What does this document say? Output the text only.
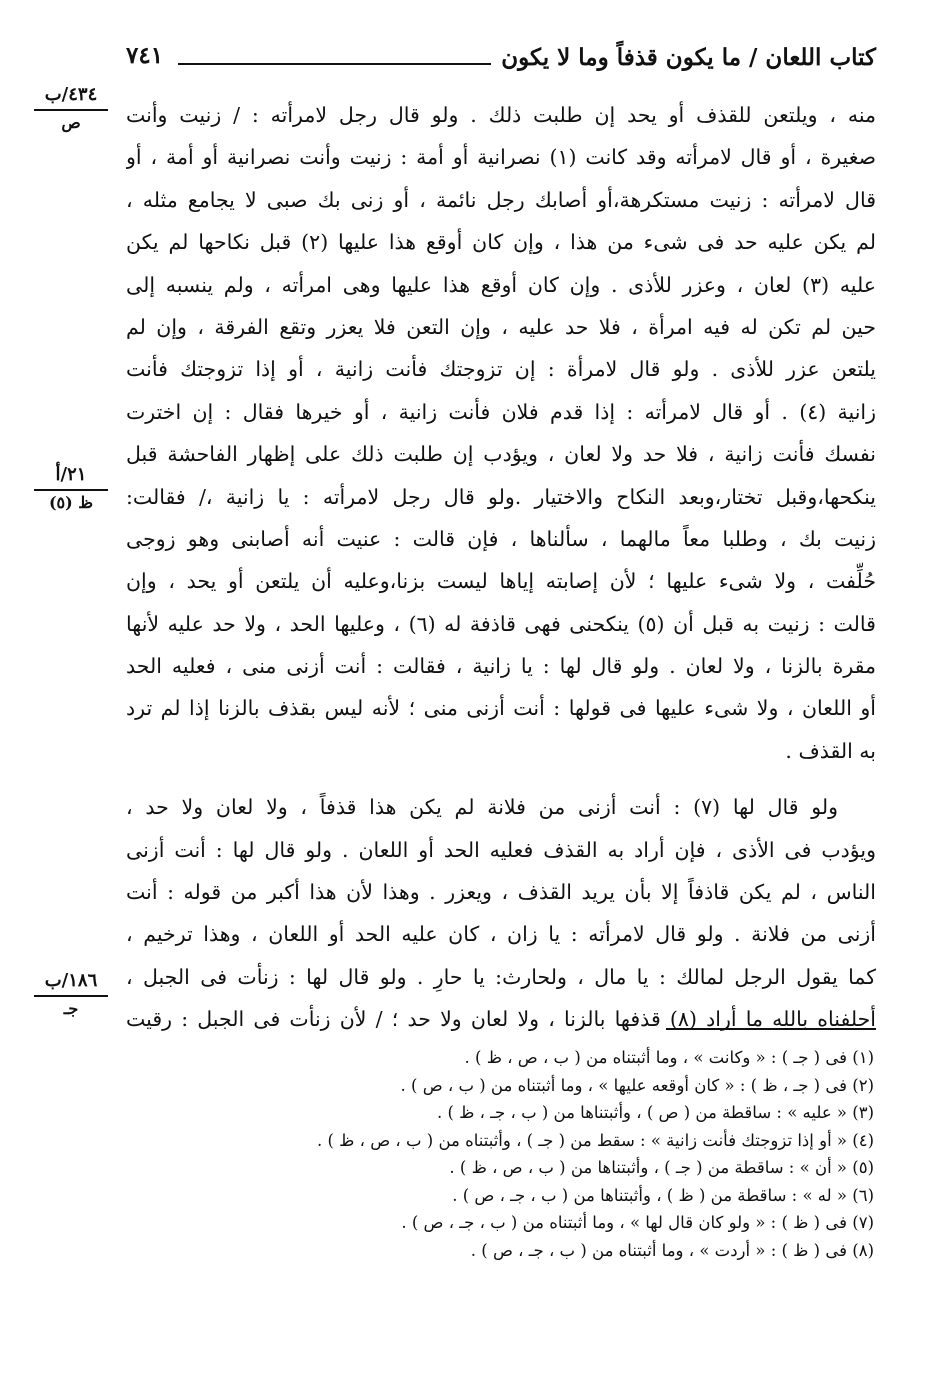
كتاب اللعان / ما يكون قذفاً وما لا يكون
٧٤١
٤٣٤/ب
ص
٢١/أ
ظ (٥)
١٨٦/ب
جـ
منه ، ويلتعن للقذف أو يحد إن طلبت ذلك . ولو قال رجل لامرأته : / زنيت وأنت
صغيرة ، أو قال لامرأته وقد كانت (١) نصرانية أو أمة : زنيت وأنت نصرانية أو أمة ، أو
قال لامرأته : زنيت مستكرهة،أو أصابك رجل نائمة ، أو زنى بك صبى لا يجامع مثله ،
لم يكن عليه حد فى شىء من هذا ، وإن كان أوقع هذا عليها (٢) قبل نكاحها لم يكن
عليه (٣) لعان ، وعزر للأذى . وإن كان أوقع هذا عليها وهى امرأته ، ولم ينسبه إلى
حين لم تكن له فيه امرأة ، فلا حد عليه ، وإن التعن فلا يعزر وتقع الفرقة ، وإن لم
يلتعن عزر للأذى . ولو قال لامرأة : إن تزوجتك فأنت زانية ، أو إذا تزوجتك فأنت
زانية (٤) . أو قال لامرأته : إذا قدم فلان فأنت زانية ، أو خيرها فقال : إن اخترت
نفسك فأنت زانية ، فلا حد ولا لعان ، ويؤدب إن طلبت ذلك على إظهار الفاحشة قبل
ينكحها،وقبل تختار،وبعد النكاح والاختيار .ولو قال رجل لامرأته : يا زانية ،/ فقالت:
زنيت بك ، وطلبا معاً مالهما ، سألناها ، فإن قالت : عنيت أنه أصابنى وهو زوجى
حُلِّفت ، ولا شىء عليها ؛ لأن إصابته إياها ليست بزنا،وعليه أن يلتعن أو يحد ، وإن
قالت : زنيت به قبل أن (٥) ينكحنى فهى قاذفة له (٦) ، وعليها الحد ، ولا حد عليه لأنها
مقرة بالزنا ، ولا لعان . ولو قال لها : يا زانية ، فقالت : أنت أزنى منى ، فعليه الحد
أو اللعان ، ولا شىء عليها فى قولها : أنت أزنى منى ؛ لأنه ليس بقذف بالزنا إذا لم ترد
به القذف .
ولو قال لها (٧) : أنت أزنى من فلانة لم يكن هذا قذفاً ، ولا لعان ولا حد ،
ويؤدب فى الأذى ، فإن أراد به القذف فعليه الحد أو اللعان . ولو قال لها : أنت أزنى
الناس ، لم يكن قاذفاً إلا بأن يريد القذف ، ويعزر . وهذا لأن هذا أكبر من قوله : أنت
أزنى من فلانة . ولو قال لامرأته : يا زان ، كان عليه الحد أو اللعان ، وهذا ترخيم ،
كما يقول الرجل لمالك : يا مال ، ولحارث: يا حارِ . ولو قال لها : زنأت فى الجبل ،
أحلفناه بالله ما أراد (٨) قذفها بالزنا ، ولا لعان ولا حد ؛ / لأن زنأت فى الجبل : رقيت
(١) فى ( جـ ) : « وكانت » ، وما أثبتناه من ( ب ، ص ، ظ ) .
(٢) فى ( جـ ، ظ ) : « كان أوقعه عليها » ، وما أثبتناه من ( ب ، ص ) .
(٣) « عليه » : ساقطة من ( ص ) ، وأثبتناها من ( ب ، جـ ، ظ ) .
(٤) « أو إذا تزوجتك فأنت زانية » : سقط من ( جـ ) ، وأثبتناه من ( ب ، ص ، ظ ) .
(٥) « أن » : ساقطة من ( جـ ) ، وأثبتناها من ( ب ، ص ، ظ ) .
(٦) « له » : ساقطة من ( ظ ) ، وأثبتناها من ( ب ، جـ ، ص ) .
(٧) فى ( ظ ) : « ولو كان قال لها » ، وما أثبتناه من ( ب ، جـ ، ص ) .
(٨) فى ( ظ ) : « أردت » ، وما أثبتناه من ( ب ، جـ ، ص ) .
